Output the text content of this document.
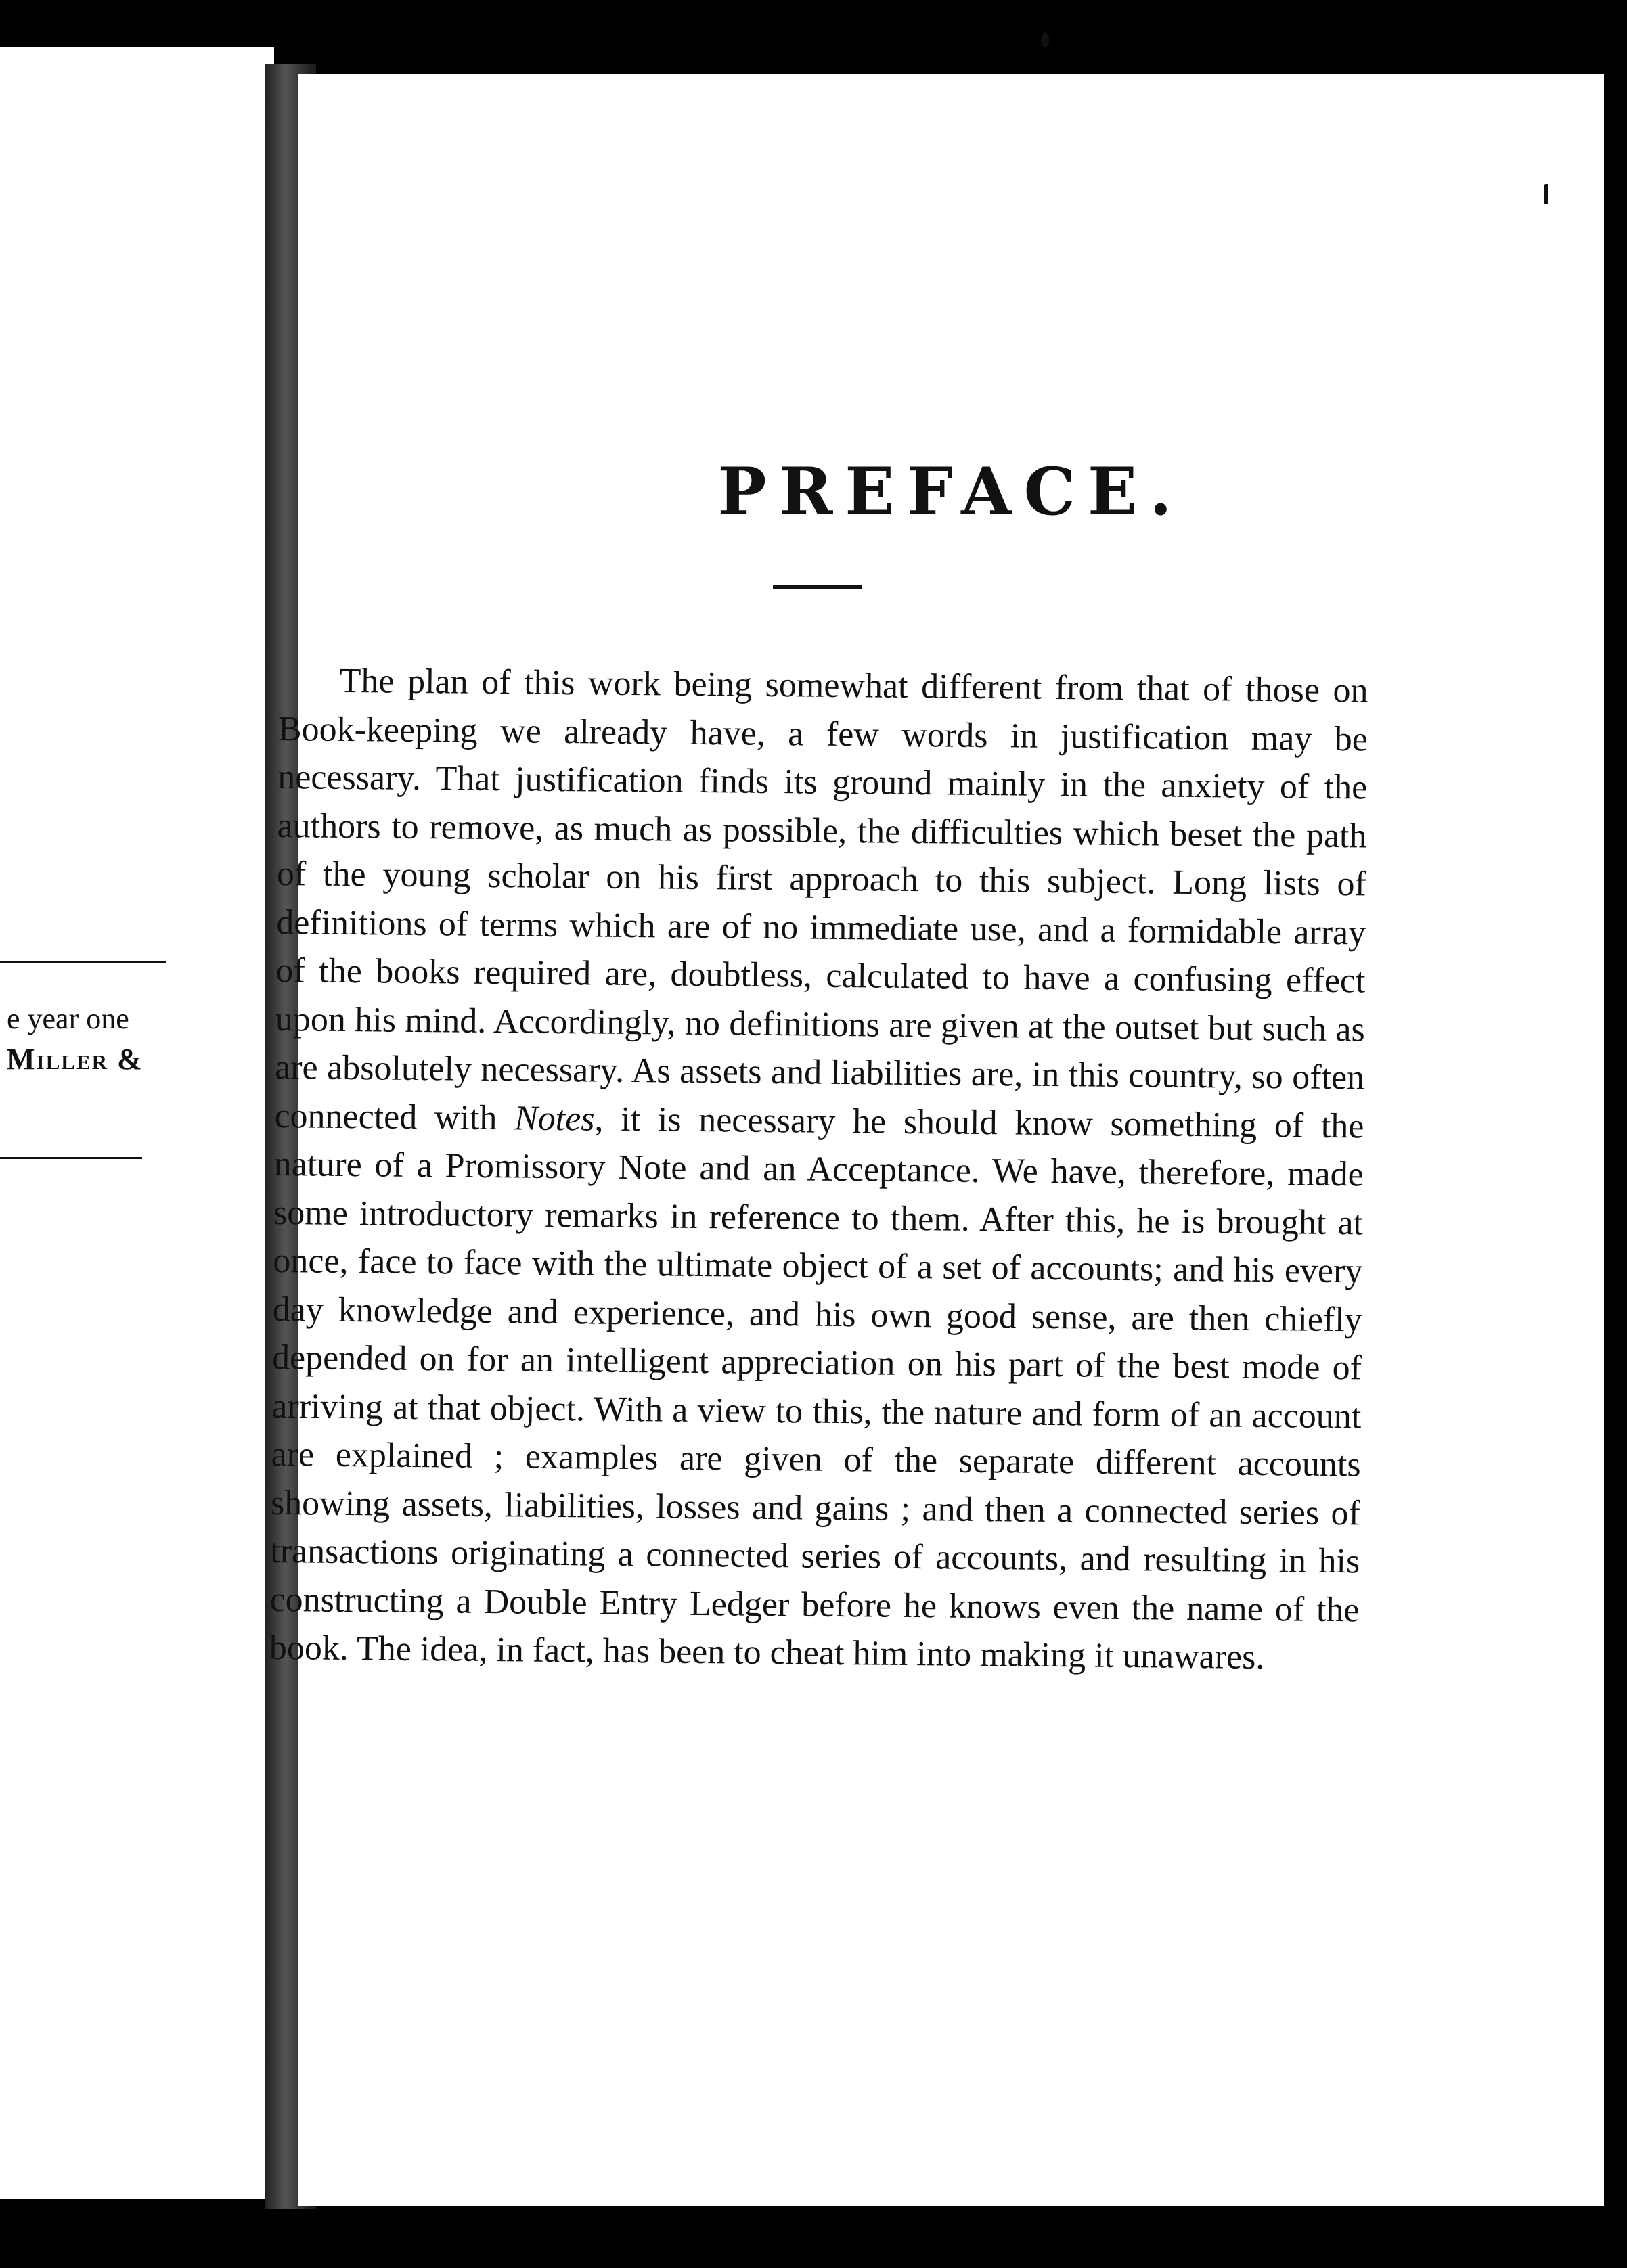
e year one
Miller &
PREFACE.

The plan of this work being somewhat different from that of those on Book-keeping we already have, a few words in justification may be necessary. That justification finds its ground mainly in the anxiety of the authors to remove, as much as possible, the difficulties which beset the path of the young scholar on his first approach to this subject. Long lists of definitions of terms which are of no immediate use, and a formidable array of the books required are, doubtless, calculated to have a confusing effect upon his mind. Accordingly, no definitions are given at the outset but such as are absolutely necessary. As assets and liabilities are, in this country, so often connected with Notes, it is necessary he should know something of the nature of a Promissory Note and an Acceptance. We have, therefore, made some introductory remarks in reference to them. After this, he is brought at once, face to face with the ultimate object of a set of accounts; and his every day knowledge and experience, and his own good sense, are then chiefly depended on for an intelligent appreciation on his part of the best mode of arriving at that object. With a view to this, the nature and form of an account are explained ; examples are given of the separate different accounts showing assets, liabilities, losses and gains ; and then a connected series of transactions originating a connected series of accounts, and resulting in his constructing a Double Entry Ledger before he knows even the name of the book. The idea, in fact, has been to cheat him into making it unawares.
